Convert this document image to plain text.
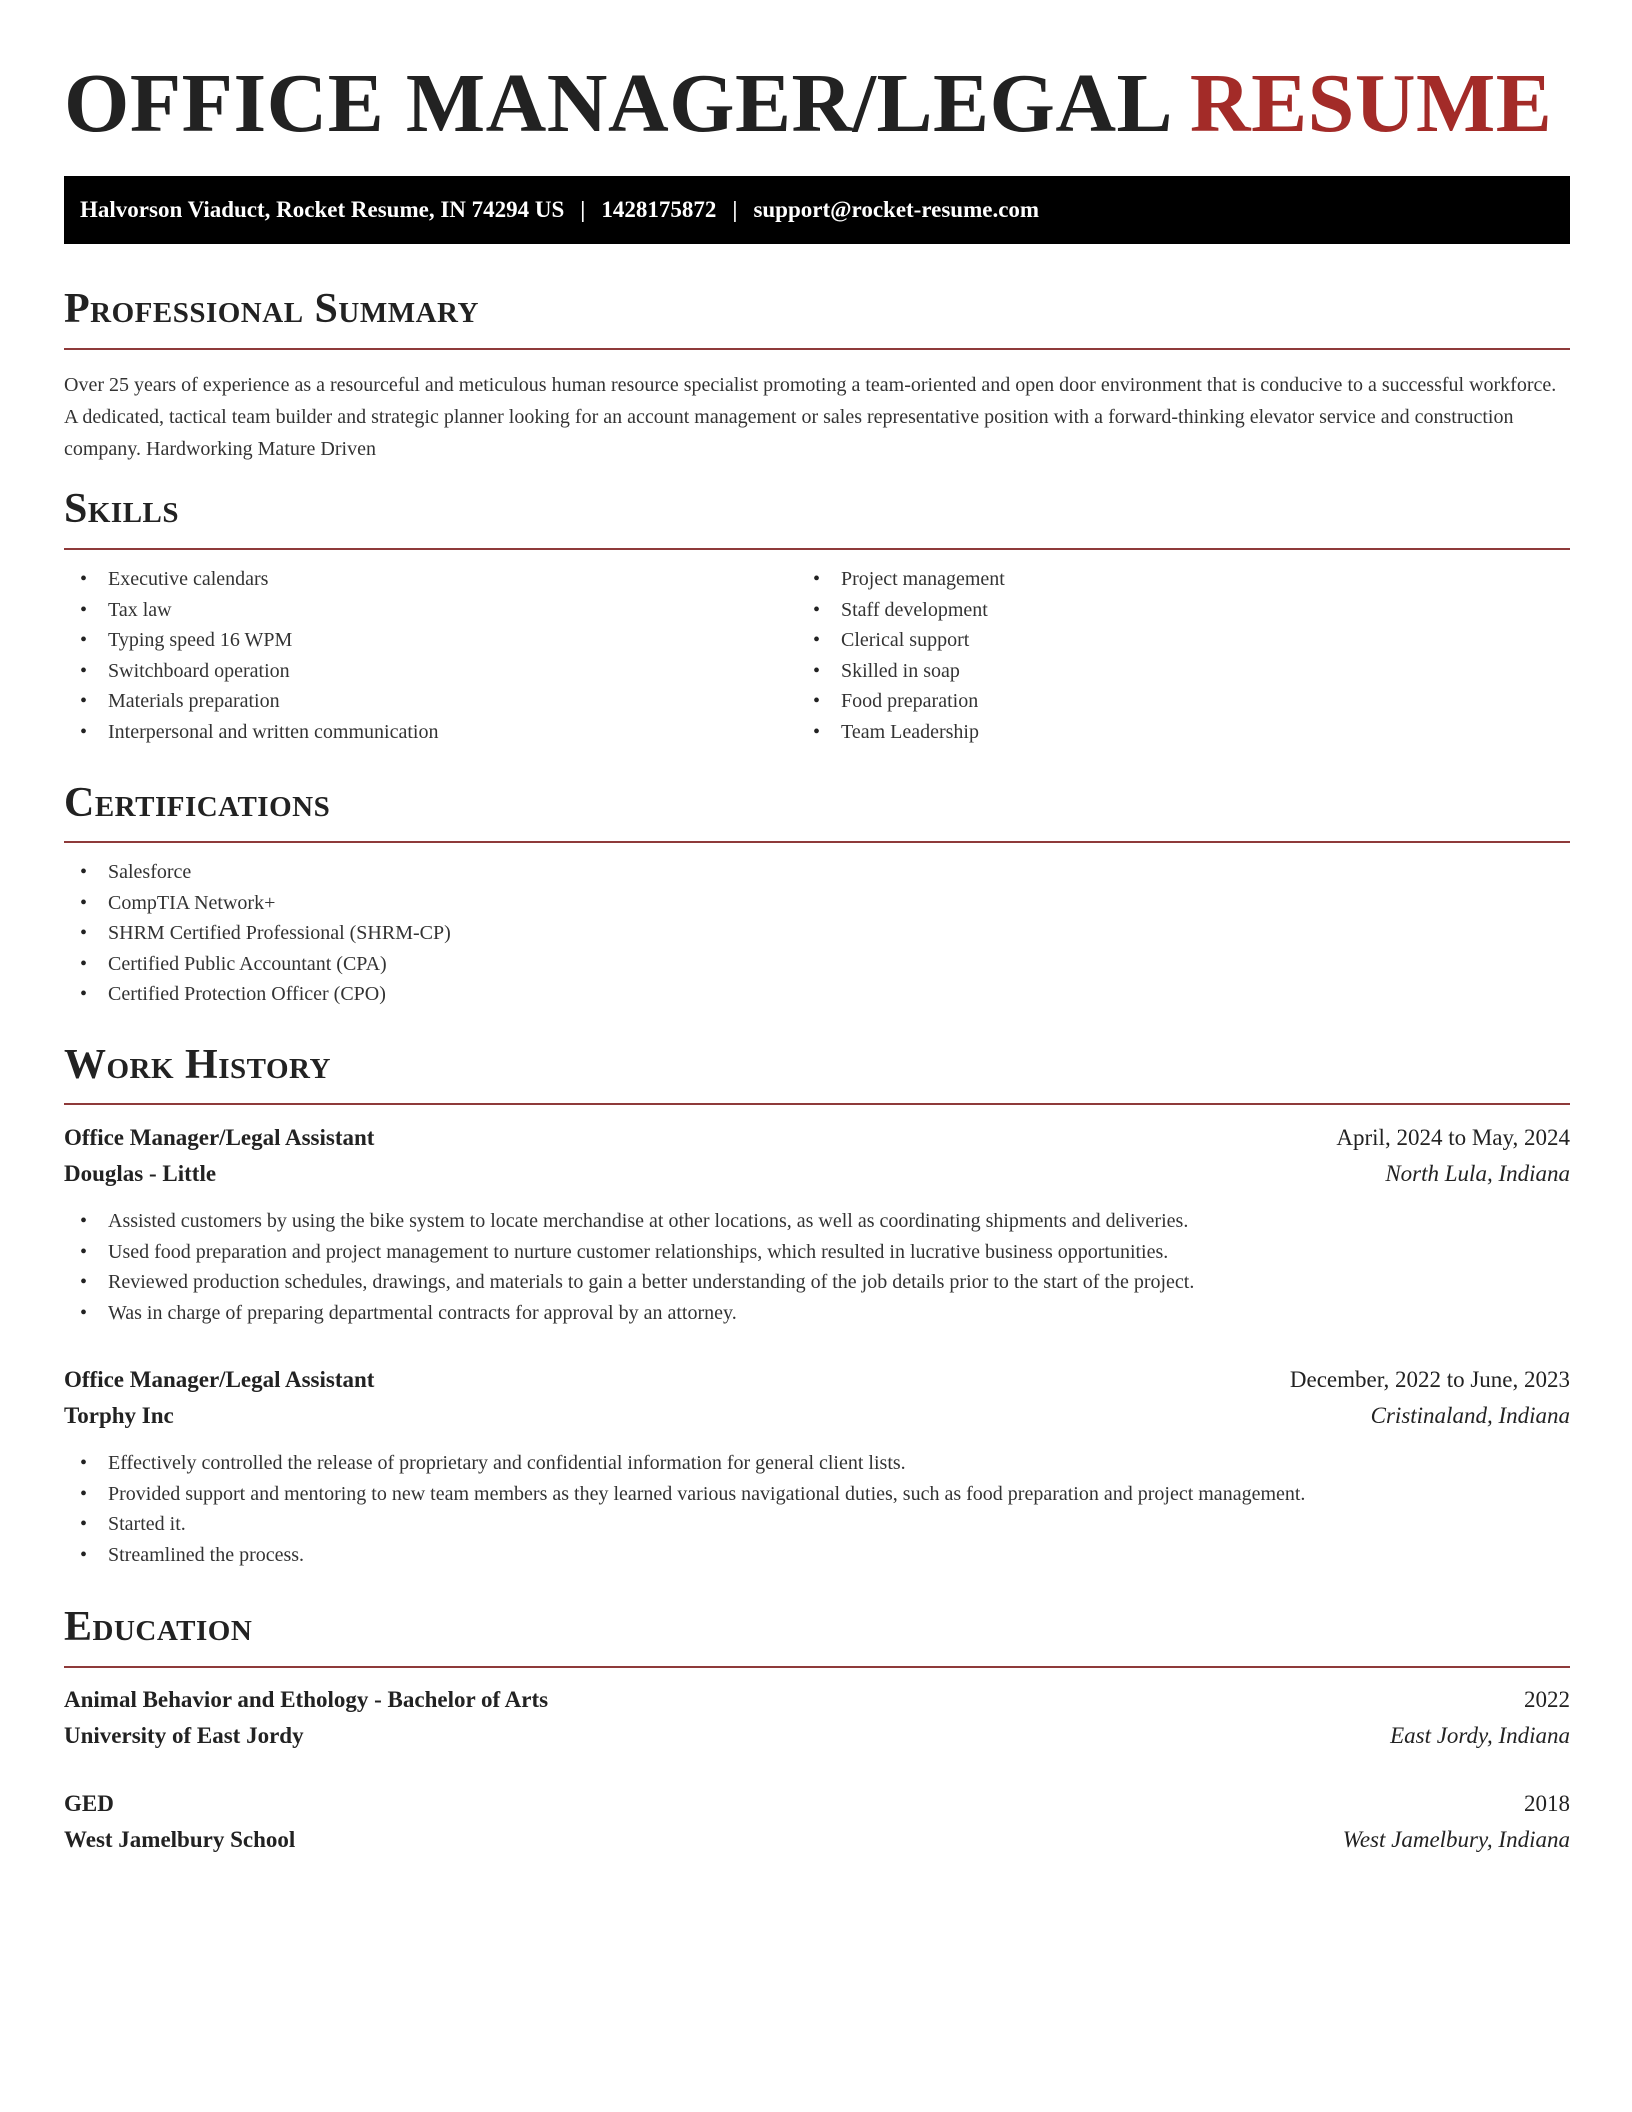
OFFICE MANAGER/LEGAL RESUME
Halvorson Viaduct, Rocket Resume, IN 74294 US | 1428175872 | support@rocket-resume.com
Professional Summary

Over 25 years of experience as a resourceful and meticulous human resource specialist promoting a team-oriented and open door environment that is conducive to a successful workforce. A dedicated, tactical team builder and strategic planner looking for an account management or sales representative position with a forward-thinking elevator service and construction company. Hardworking Mature Driven

Skills
• Executive calendars
• Tax law
• Typing speed 16 WPM
• Switchboard operation
• Materials preparation
• Interpersonal and written communication
• Project management
• Staff development
• Clerical support
• Skilled in soap
• Food preparation
• Team Leadership
Certifications
• Salesforce
• CompTIA Network+
• SHRM Certified Professional (SHRM-CP)
• Certified Public Accountant (CPA)
• Certified Protection Officer (CPO)
Work History
Office Manager/Legal Assistant	April, 2024 to May, 2024
Douglas - Little	North Lula, Indiana
• Assisted customers by using the bike system to locate merchandise at other locations, as well as coordinating shipments and deliveries.
• Used food preparation and project management to nurture customer relationships, which resulted in lucrative business opportunities.
• Reviewed production schedules, drawings, and materials to gain a better understanding of the job details prior to the start of the project.
• Was in charge of preparing departmental contracts for approval by an attorney.
Office Manager/Legal Assistant	December, 2022 to June, 2023
Torphy Inc	Cristinaland, Indiana
• Effectively controlled the release of proprietary and confidential information for general client lists.
• Provided support and mentoring to new team members as they learned various navigational duties, such as food preparation and project management.
• Started it.
• Streamlined the process.
Education
Animal Behavior and Ethology - Bachelor of Arts	2022
University of East Jordy	East Jordy, Indiana
GED	2018
West Jamelbury School	West Jamelbury, Indiana
